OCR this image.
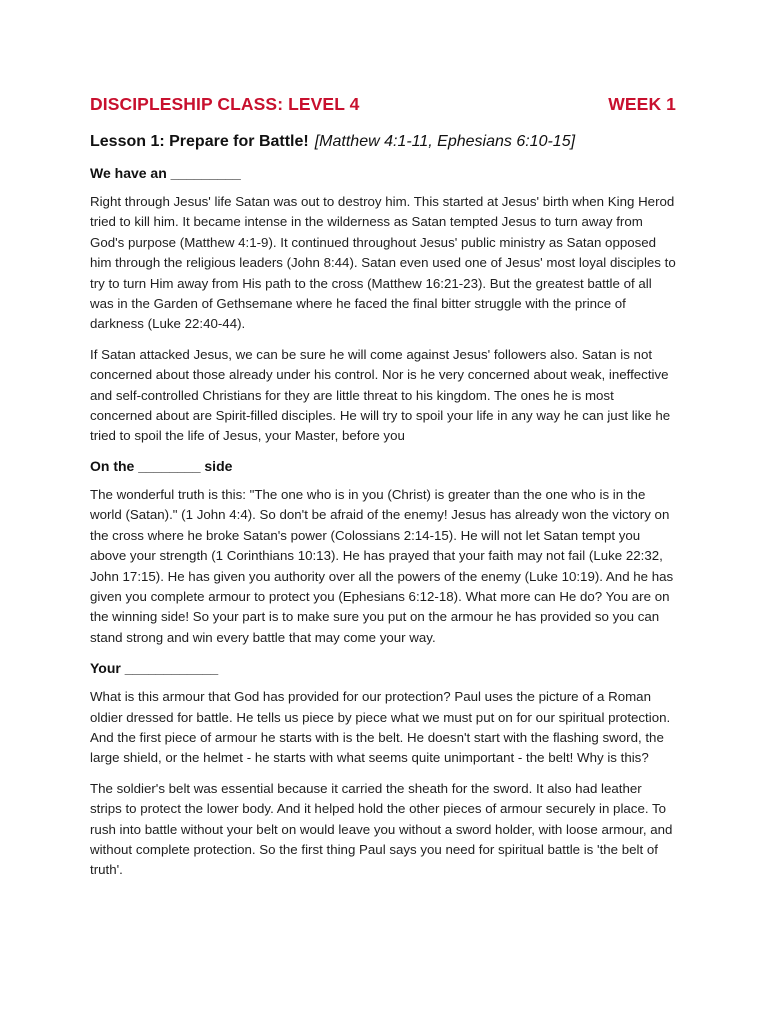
DISCIPLESHIP CLASS: LEVEL 4	WEEK 1
Lesson 1: Prepare for Battle! [Matthew 4:1-11, Ephesians 6:10-15]
We have an _________

Right through Jesus' life Satan was out to destroy him. This started at Jesus' birth when King Herod tried to kill him. It became intense in the wilderness as Satan tempted Jesus to turn away from God's purpose (Matthew 4:1-9). It continued throughout Jesus' public ministry as Satan opposed him through the religious leaders (John 8:44). Satan even used one of Jesus' most loyal disciples to try to turn Him away from His path to the cross (Matthew 16:21-23). But the greatest battle of all was in the Garden of Gethsemane where he faced the final bitter struggle with the prince of darkness (Luke 22:40-44).

If Satan attacked Jesus, we can be sure he will come against Jesus' followers also. Satan is not concerned about those already under his control. Nor is he very concerned about weak, ineffective and self-controlled Christians for they are little threat to his kingdom. The ones he is most concerned about are Spirit-filled disciples. He will try to spoil your life in any way he can just like he tried to spoil the life of Jesus, your Master, before you

On the ________ side

The wonderful truth is this: "The one who is in you (Christ) is greater than the one who is in the world (Satan)." (1 John 4:4). So don't be afraid of the enemy! Jesus has already won the victory on the cross where he broke Satan's power (Colossians 2:14-15). He will not let Satan tempt you above your strength (1 Corinthians 10:13). He has prayed that your faith may not fail (Luke 22:32, John 17:15). He has given you authority over all the powers of the enemy (Luke 10:19). And he has given you complete armour to protect you (Ephesians 6:12-18). What more can He do? You are on the winning side! So your part is to make sure you put on the armour he has provided so you can stand strong and win every battle that may come your way.

Your ____________

What is this armour that God has provided for our protection? Paul uses the picture of a Roman oldier dressed for battle. He tells us piece by piece what we must put on for our spiritual protection. And the first piece of armour he starts with is the belt. He doesn't start with the flashing sword, the large shield, or the helmet - he starts with what seems quite unimportant - the belt! Why is this?

The soldier's belt was essential because it carried the sheath for the sword. It also had leather strips to protect the lower body. And it helped hold the other pieces of armour securely in place. To rush into battle without your belt on would leave you without a sword holder, with loose armour, and without complete protection. So the first thing Paul says you need for spiritual battle is 'the belt of truth'.
